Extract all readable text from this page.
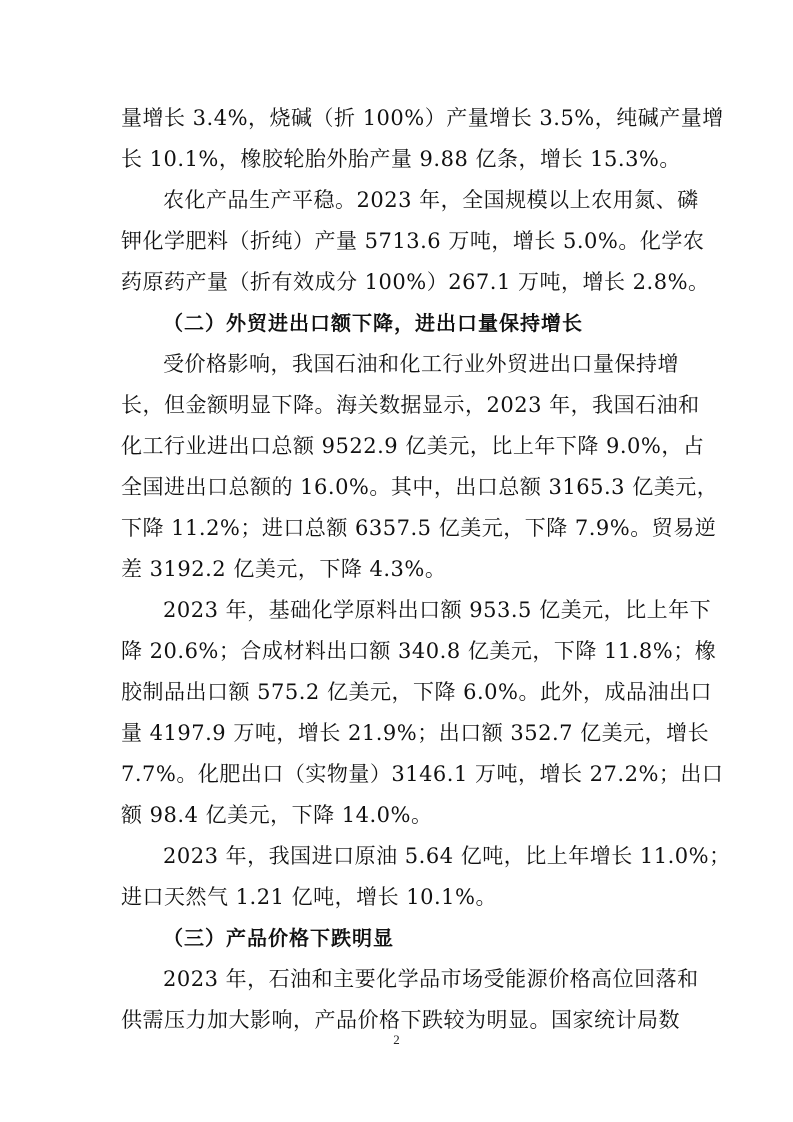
量增长 3.4%，烧碱（折 100%）产量增长 3.5%，纯碱产量增
长 10.1%，橡胶轮胎外胎产量 9.88 亿条，增长 15.3%。
农化产品生产平稳。2023 年，全国规模以上农用氮、磷
钾化学肥料（折纯）产量 5713.6 万吨，增长 5.0%。化学农
药原药产量（折有效成分 100%）267.1 万吨，增长 2.8%。
（二）外贸进出口额下降，进出口量保持增长
受价格影响，我国石油和化工行业外贸进出口量保持增
长，但金额明显下降。海关数据显示，2023 年，我国石油和
化工行业进出口总额 9522.9 亿美元，比上年下降 9.0%，占
全国进出口总额的 16.0%。其中，出口总额 3165.3 亿美元，
下降 11.2%；进口总额 6357.5 亿美元，下降 7.9%。贸易逆
差 3192.2 亿美元，下降 4.3%。
2023 年，基础化学原料出口额 953.5 亿美元，比上年下
降 20.6%；合成材料出口额 340.8 亿美元，下降 11.8%；橡
胶制品出口额 575.2 亿美元，下降 6.0%。此外，成品油出口
量 4197.9 万吨，增长 21.9%；出口额 352.7 亿美元，增长
7.7%。化肥出口（实物量）3146.1 万吨，增长 27.2%；出口
额 98.4 亿美元，下降 14.0%。
2023 年，我国进口原油 5.64 亿吨，比上年增长 11.0%；
进口天然气 1.21 亿吨，增长 10.1%。
（三）产品价格下跌明显
2023 年，石油和主要化学品市场受能源价格高位回落和
供需压力加大影响，产品价格下跌较为明显。国家统计局数
2
